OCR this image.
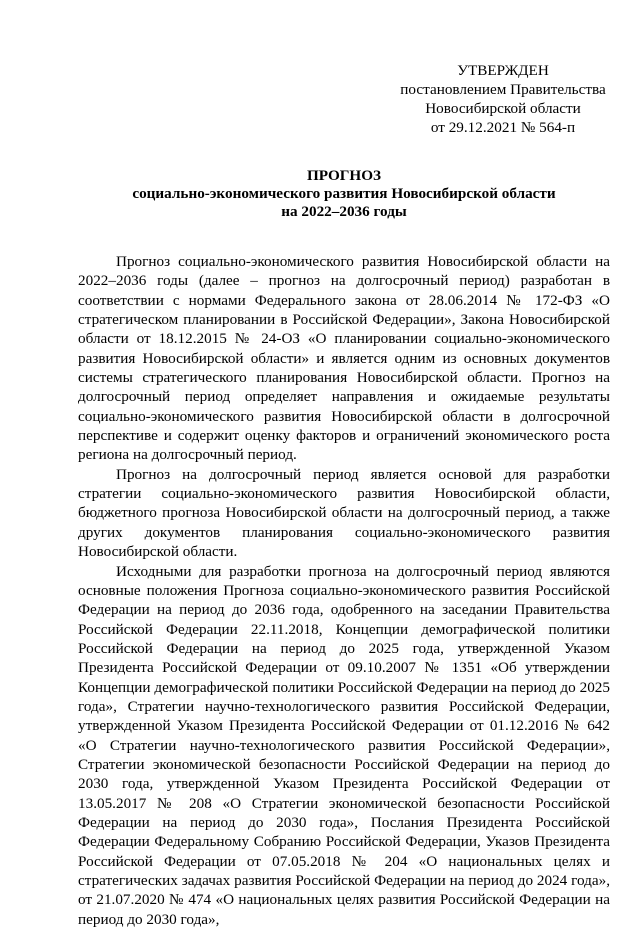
УТВЕРЖДЕН
постановлением Правительства
Новосибирской области
от 29.12.2021 № 564-п
ПРОГНОЗ
социально-экономического развития Новосибирской области
на 2022–2036 годы

Прогноз социально-экономического развития Новосибирской области на 2022–2036 годы (далее – прогноз на долгосрочный период) разработан в соответствии с нормами Федерального закона от 28.06.2014 № 172-ФЗ «О стратегическом планировании в Российской Федерации», Закона Новосибирской области от 18.12.2015 № 24-ОЗ «О планировании социально-экономического развития Новосибирской области» и является одним из основных документов системы стратегического планирования Новосибирской области. Прогноз на долгосрочный период определяет направления и ожидаемые результаты социально-экономического развития Новосибирской области в долгосрочной перспективе и содержит оценку факторов и ограничений экономического роста региона на долгосрочный период.

Прогноз на долгосрочный период является основой для разработки стратегии социально-экономического развития Новосибирской области, бюджетного прогноза Новосибирской области на долгосрочный период, а также других документов планирования социально-экономического развития Новосибирской области.

Исходными для разработки прогноза на долгосрочный период являются основные положения Прогноза социально-экономического развития Российской Федерации на период до 2036 года, одобренного на заседании Правительства Российской Федерации 22.11.2018, Концепции демографической политики Российской Федерации на период до 2025 года, утвержденной Указом Президента Российской Федерации от 09.10.2007 № 1351 «Об утверждении Концепции демографической политики Российской Федерации на период до 2025 года», Стратегии научно-технологического развития Российской Федерации, утвержденной Указом Президента Российской Федерации от 01.12.2016 № 642 «О Стратегии научно-технологического развития Российской Федерации», Стратегии экономической безопасности Российской Федерации на период до 2030 года, утвержденной Указом Президента Российской Федерации от 13.05.2017 № 208 «О Стратегии экономической безопасности Российской Федерации на период до 2030 года», Послания Президента Российской Федерации Федеральному Собранию Российской Федерации, Указов Президента Российской Федерации от 07.05.2018 № 204 «О национальных целях и стратегических задачах развития Российской Федерации на период до 2024 года», от 21.07.2020 № 474 «О национальных целях развития Российской Федерации на период до 2030 года»,
